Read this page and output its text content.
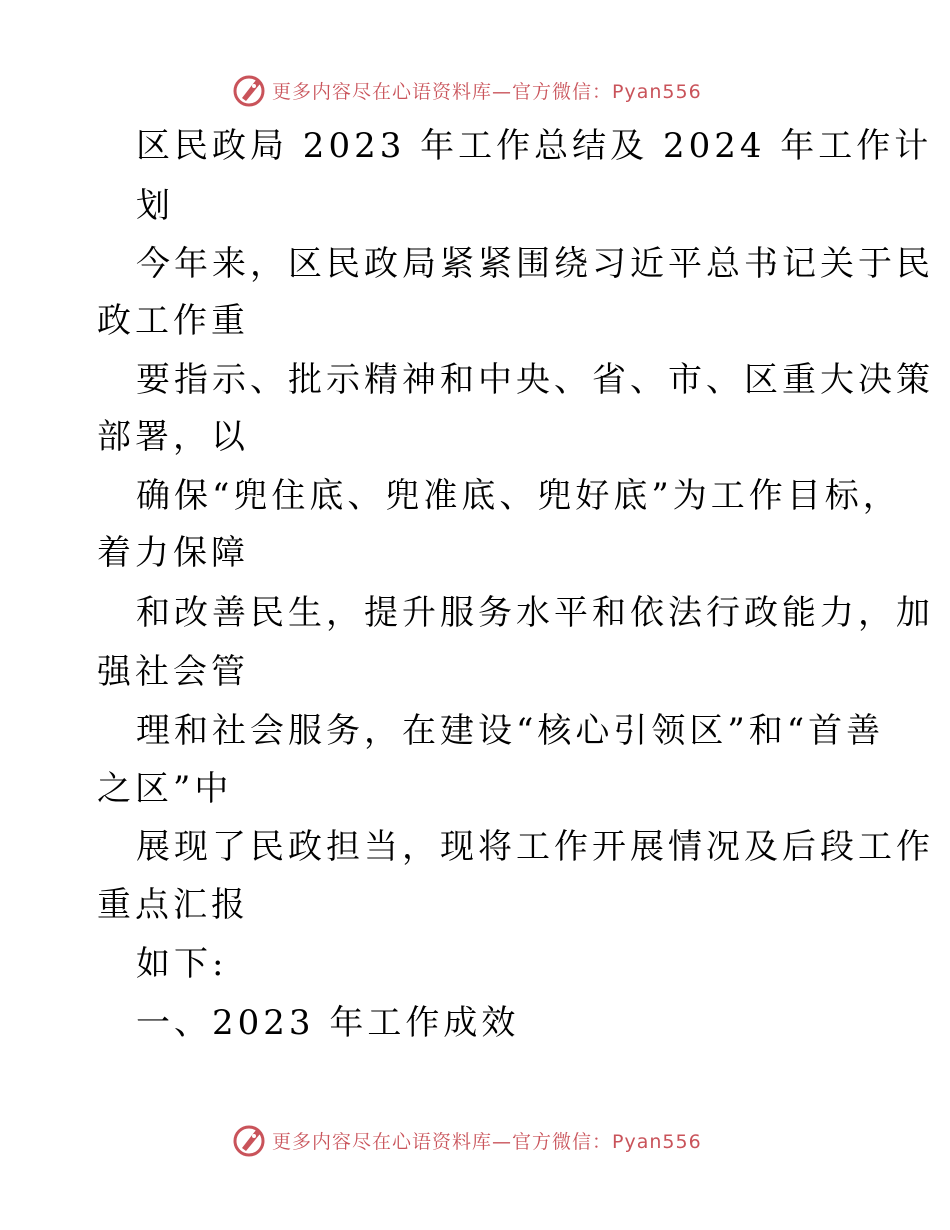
更多内容尽在心语资料库—官方微信：Pyan556
区民政局 2023 年工作总结及 2024 年工作计
划
今年来，区民政局紧紧围绕习近平总书记关于民
政工作重
要指示、批示精神和中央、省、市、区重大决策
部署，以
确保“兜住底、兜准底、兜好底”为工作目标，
着力保障
和改善民生，提升服务水平和依法行政能力，加
强社会管
理和社会服务，在建设“核心引领区”和“首善
之区”中
展现了民政担当，现将工作开展情况及后段工作
重点汇报
如下:
一、2023 年工作成效
更多内容尽在心语资料库—官方微信：Pyan556
